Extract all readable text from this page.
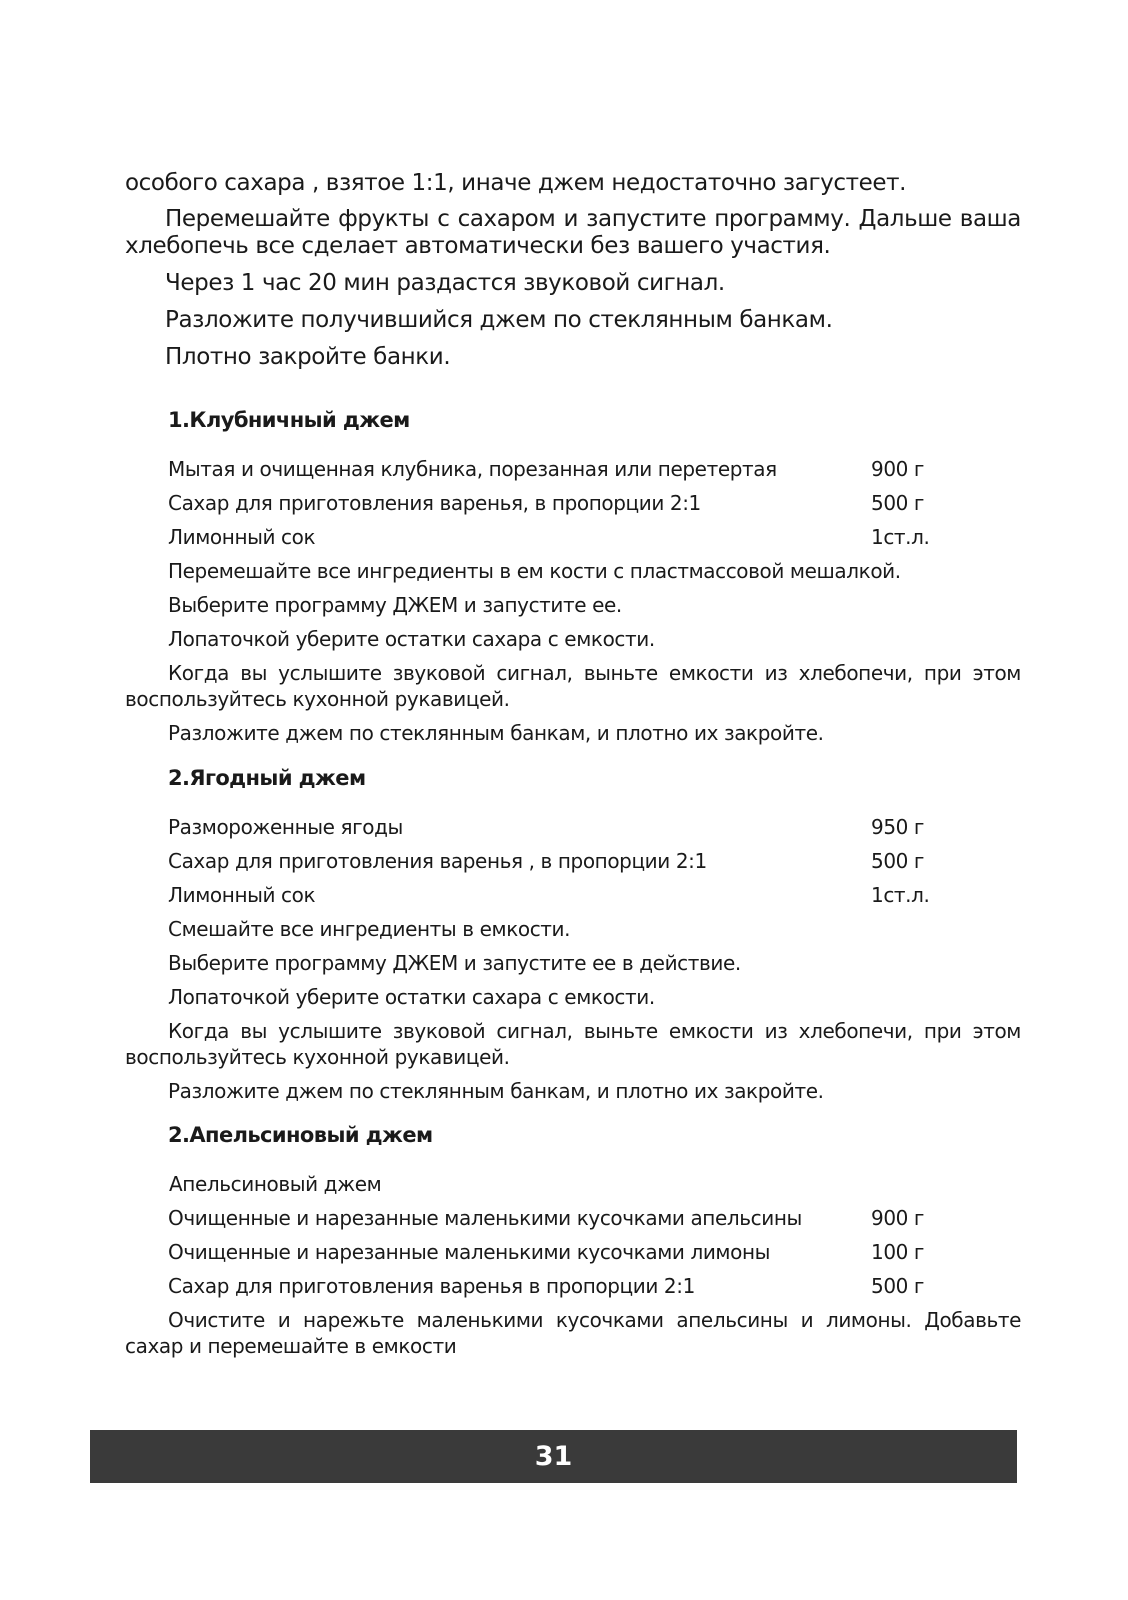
особого сахара , взятое 1:1, иначе джем недостаточно загустеет.

Перемешайте фрукты с сахаром и запустите программу. Дальше ваша хлебопечь все сделает автоматически без вашего участия.

Через 1 час 20 мин раздастся звуковой сигнал.

Разложите получившийся джем по стеклянным банкам.

Плотно закройте банки.

1.Клубничный джем
Мытая и очищенная клубника, порезанная или перетертая	900 г
Сахар для приготовления варенья, в пропорции 2:1	500 г
Лимонный сок	1ст.л.

Перемешайте все ингредиенты в ем кости с пластмассовой мешалкой.

Выберите программу ДЖЕМ и запустите ее.

Лопаточкой уберите остатки сахара с емкости.

Когда вы услышите звуковой сигнал, выньте емкости из хлебопечи, при этом воспользуйтесь кухонной рукавицей.

Разложите джем по стеклянным банкам, и плотно их закройте.

2.Ягодный джем
Размороженные ягоды	950 г
Сахар для приготовления варенья , в пропорции 2:1	500 г
Лимонный сок	1ст.л.

Смешайте все ингредиенты в емкости.

Выберите программу ДЖЕМ и запустите ее в действие.

Лопаточкой уберите остатки сахара с емкости.

Когда вы услышите звуковой сигнал, выньте емкости из хлебопечи, при этом воспользуйтесь кухонной рукавицей.

Разложите джем по стеклянным банкам, и плотно их закройте.

2.Апельсиновый джем
Апельсиновый джем
Очищенные и нарезанные маленькими кусочками апельсины	900 г
Очищенные и нарезанные маленькими кусочками лимоны	100 г
Сахар для приготовления варенья в пропорции 2:1	500 г

Очистите и нарежьте маленькими кусочками апельсины и лимоны. Добавьте сахар и перемешайте в емкости

31
